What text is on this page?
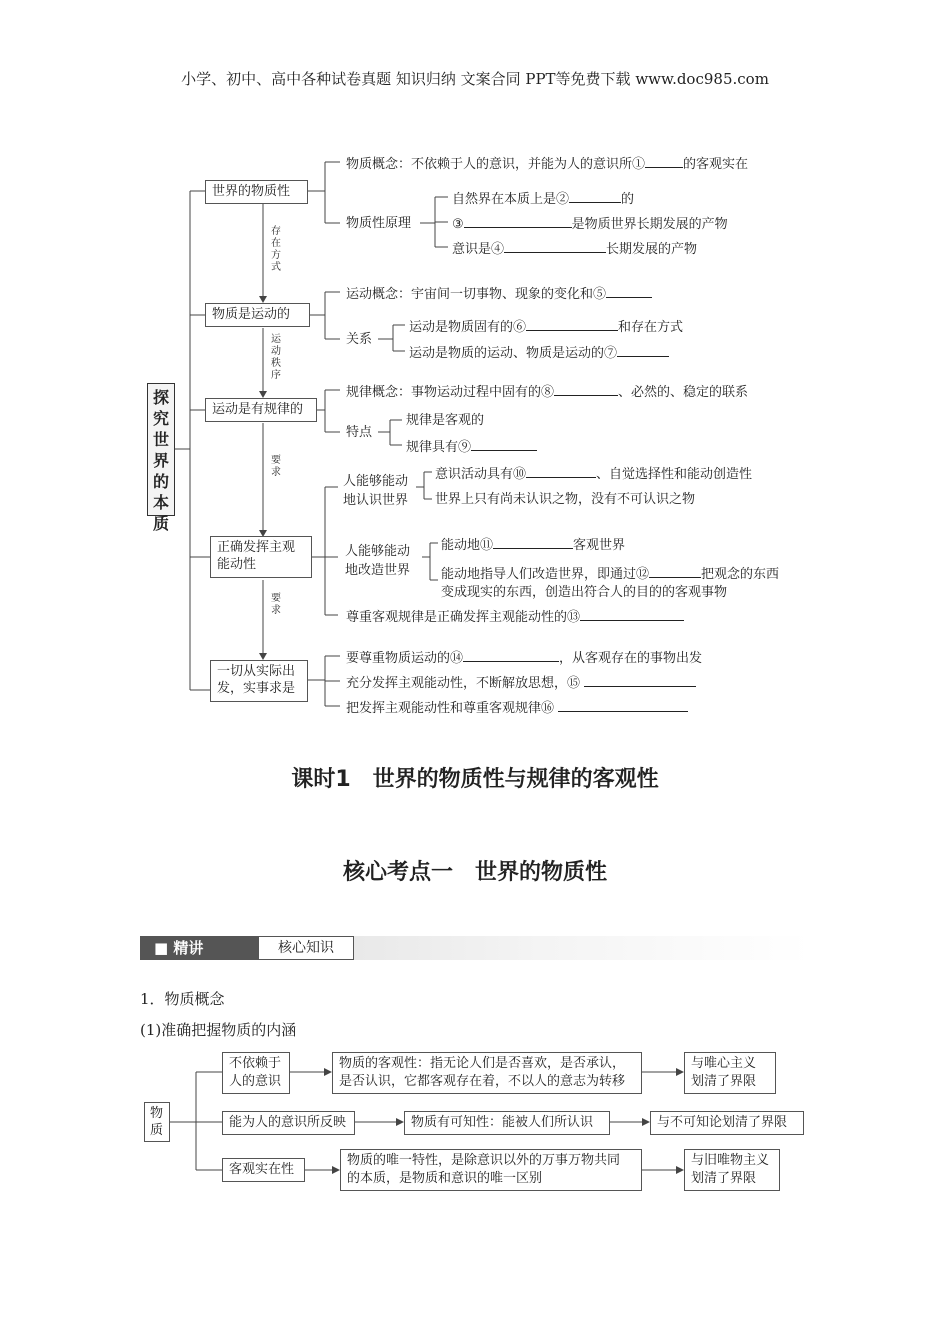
小学、初中、高中各种试卷真题 知识归纳 文案合同 PPT等免费下载 www.doc985.com
探究世界的本质
世界的物质性
物质是运动的
运动是有规律的
正确发挥主观
能动性
一切从实际出
发，实事求是
存在方式
运动秩序
要求
要求
物质概念：不依赖于人的意识，并能为人的意识所①	的客观实在
物质性原理
自然界在本质上是②	的
③	是物质世界长期发展的产物
意识是④	长期发展的产物
运动概念：宇宙间一切事物、现象的变化和⑤
关系
运动是物质固有的⑥	和存在方式
运动是物质的运动、物质是运动的⑦
规律概念：事物运动过程中固有的⑧	、必然的、稳定的联系
特点
规律是客观的
规律具有⑨
人能够能动
地认识世界
意识活动具有⑩	、自觉选择性和能动创造性
世界上只有尚未认识之物，没有不可认识之物
人能够能动
地改造世界
能动地⑪	客观世界
能动地指导人们改造世界，即通过⑫	把观念的东西
变成现实的东西，创造出符合人的目的的客观事物
尊重客观规律是正确发挥主观能动性的⑬
要尊重物质运动的⑭	，从客观存在的事物出发
充分发挥主观能动性，不断解放思想，⑮
把发挥主观能动性和尊重客观规律⑯
课时1　世界的物质性与规律的客观性
核心考点一　世界的物质性
■ 精讲	核心知识
1．物质概念
(1)准确把握物质的内涵
物质
不依赖于
人的意识
物质的客观性：指无论人们是否喜欢，是否承认，
是否认识，它都客观存在着，不以人的意志为转移
与唯心主义
划清了界限
能为人的意识所反映	物质有可知性：能被人们所认识	与不可知论划清了界限
客观实在性
物质的唯一特性，是除意识以外的万事万物共同
的本质，是物质和意识的唯一区别
与旧唯物主义
划清了界限
